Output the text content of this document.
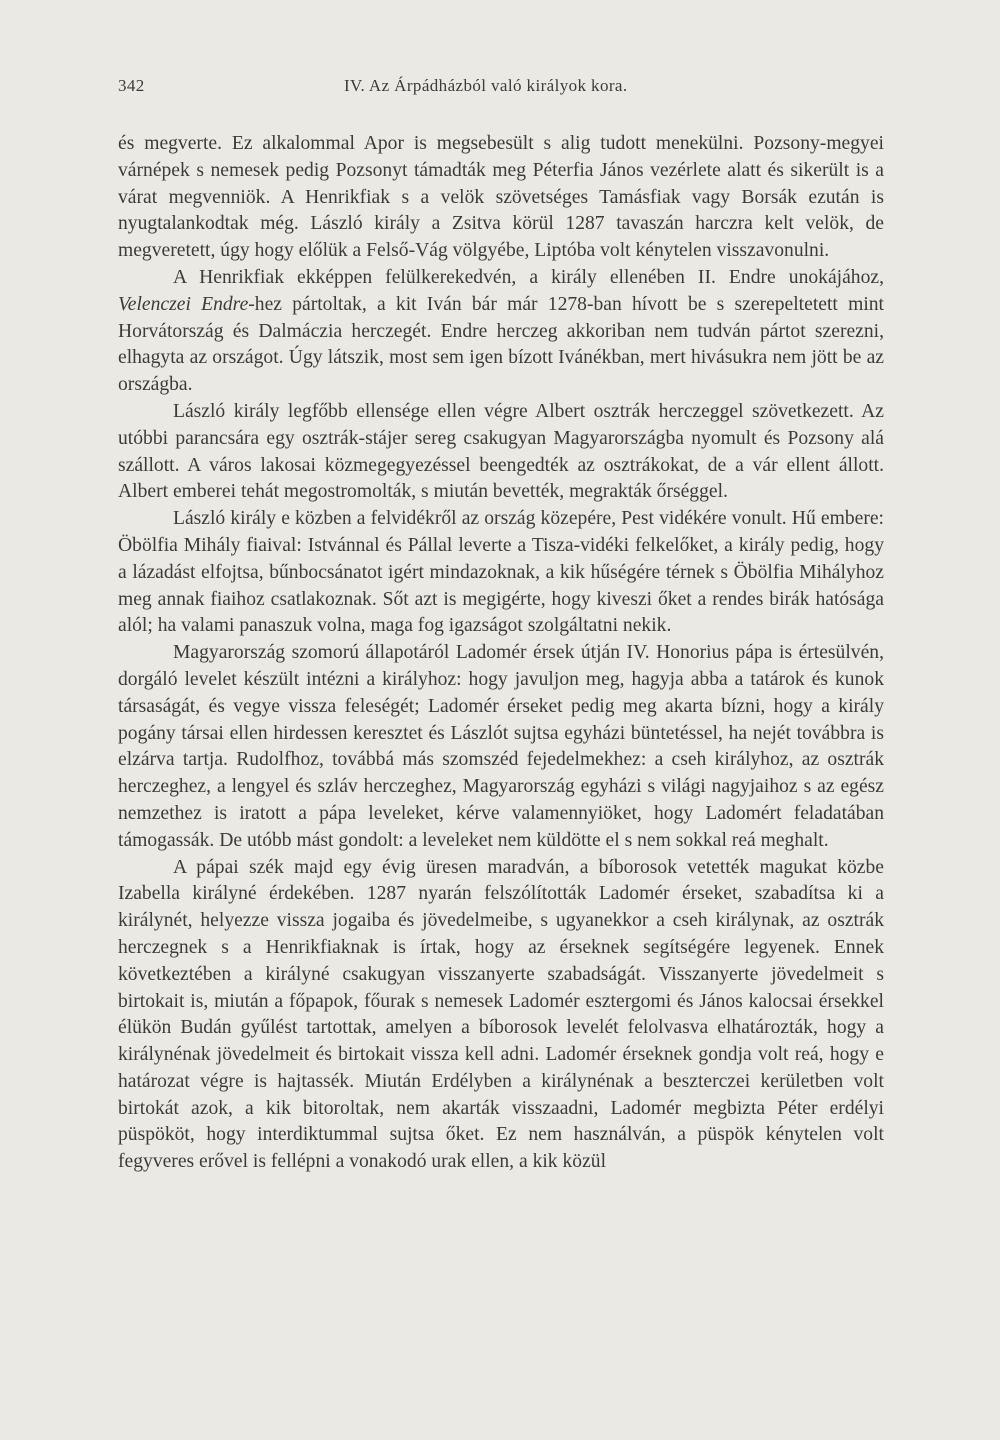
342	IV. Az Árpádházból való királyok kora.

és megverte. Ez alkalommal Apor is megsebesült s alig tudott menekülni. Pozsony-megyei várnépek s nemesek pedig Pozsonyt támadták meg Péterfia János vezérlete alatt és sikerült is a várat megvenniök. A Henrikfiak s a velök szövetséges Tamásfiak vagy Borsák ezután is nyugtalankodtak még. László király a Zsitva körül 1287 tavaszán harczra kelt velök, de megveretett, úgy hogy előlük a Felső-Vág völgyébe, Liptóba volt kénytelen visszavonulni.

A Henrikfiak ekképpen felülkerekedvén, a király ellenében II. Endre unokájához, Velenczei Endre-hez pártoltak, a kit Iván bár már 1278-ban hívott be s szerepeltetett mint Horvátország és Dalmáczia herczegét. Endre herczeg akkoriban nem tudván pártot szerezni, elhagyta az országot. Úgy látszik, most sem igen bízott Ivánékban, mert hivásukra nem jött be az országba.

László király legfőbb ellensége ellen végre Albert osztrák herczeggel szövetkezett. Az utóbbi parancsára egy osztrák-stájer sereg csakugyan Magyarországba nyomult és Pozsony alá szállott. A város lakosai közmegegyezéssel beengedték az osztrákokat, de a vár ellent állott. Albert emberei tehát megostromolták, s miután bevették, megrakták őrséggel.

László király e közben a felvidékről az ország közepére, Pest vidékére vonult. Hű embere: Öbölfia Mihály fiaival: Istvánnal és Pállal leverte a Tisza-vidéki felkelőket, a király pedig, hogy a lázadást elfojtsa, bűnbocsánatot igért mindazoknak, a kik hűségére térnek s Öbölfia Mihályhoz meg annak fiaihoz csatlakoznak. Sőt azt is megigérte, hogy kiveszi őket a rendes birák hatósága alól; ha valami panaszuk volna, maga fog igazságot szolgáltatni nekik.

Magyarország szomorú állapotáról Ladomér érsek útján IV. Honorius pápa is értesülvén, dorgáló levelet készült intézni a királyhoz: hogy javuljon meg, hagyja abba a tatárok és kunok társaságát, és vegye vissza feleségét; Ladomér érseket pedig meg akarta bízni, hogy a király pogány társai ellen hirdessen keresztet és Lászlót sujtsa egyházi büntetéssel, ha nejét továbbra is elzárva tartja. Rudolfhoz, továbbá más szomszéd fejedelmekhez: a cseh királyhoz, az osztrák herczeghez, a lengyel és szláv herczeghez, Magyarország egyházi s világi nagyjaihoz s az egész nemzethez is iratott a pápa leveleket, kérve valamennyiöket, hogy Ladomért feladatában támogassák. De utóbb mást gondolt: a leveleket nem küldötte el s nem sokkal reá meghalt.

A pápai szék majd egy évig üresen maradván, a bíborosok vetették magukat közbe Izabella királyné érdekében. 1287 nyarán felszólították Ladomér érseket, szabadítsa ki a királynét, helyezze vissza jogaiba és jövedelmeibe, s ugyanekkor a cseh királynak, az osztrák herczegnek s a Henrikfiaknak is írtak, hogy az érseknek segítségére legyenek. Ennek következtében a királyné csakugyan visszanyerte szabadságát. Visszanyerte jövedelmeit s birtokait is, miután a főpapok, főurak s nemesek Ladomér esztergomi és János kalocsai érsekkel élükön Budán gyűlést tartottak, amelyen a bíborosok levelét felolvasva elhatározták, hogy a királynénak jövedelmeit és birtokait vissza kell adni. Ladomér érseknek gondja volt reá, hogy e határozat végre is hajtassék. Miután Erdélyben a királynénak a beszterczei kerületben volt birtokát azok, a kik bitoroltak, nem akarták visszaadni, Ladomér megbizta Péter erdélyi püspököt, hogy interdiktummal sujtsa őket. Ez nem használván, a püspök kénytelen volt fegyveres erővel is fellépni a vonakodó urak ellen, a kik közül
